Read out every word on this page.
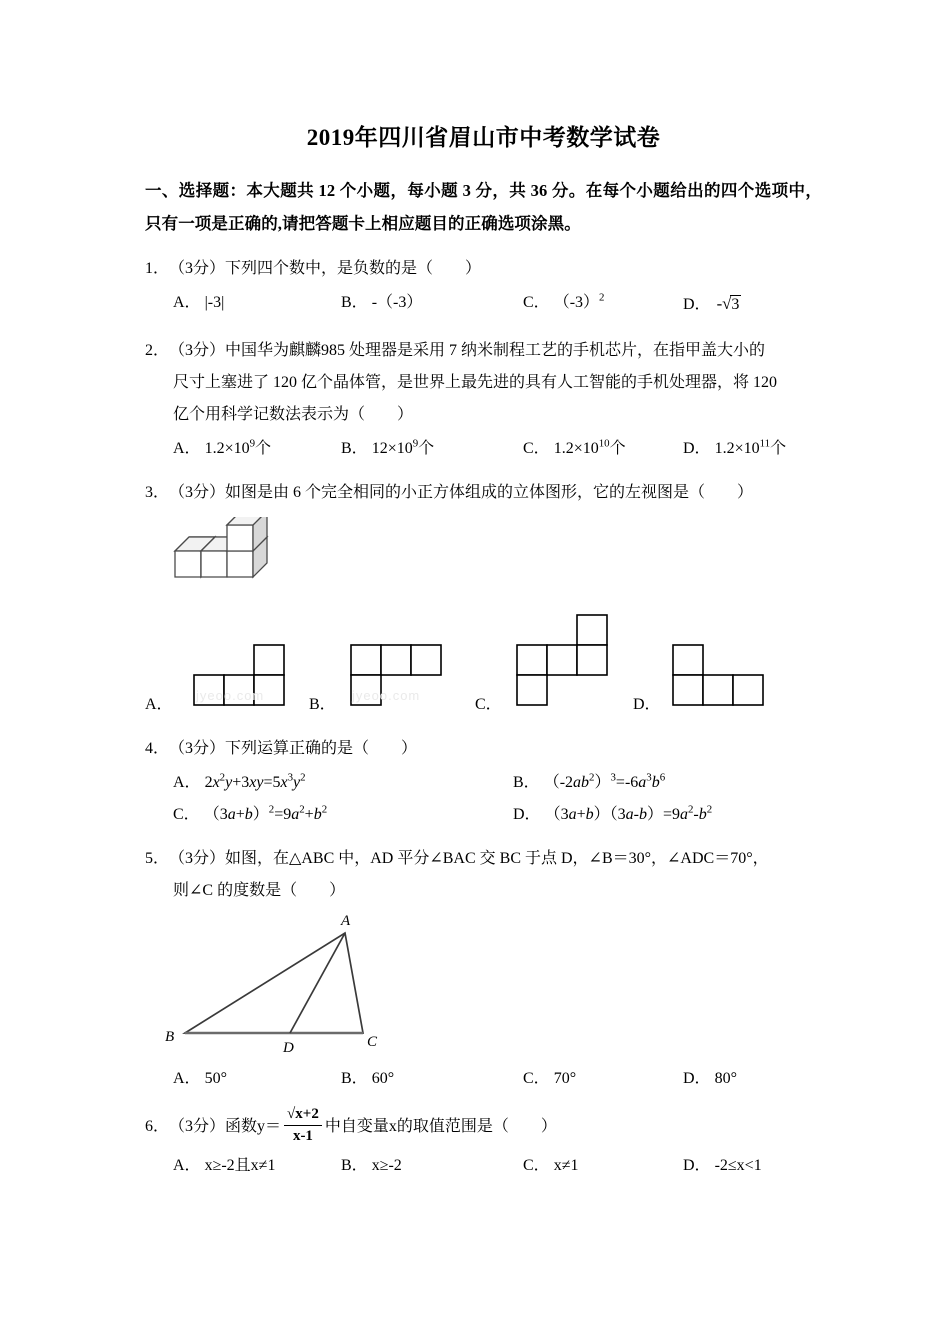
2019年四川省眉山市中考数学试卷
一、选择题：本大题共 12 个小题，每小题 3 分，共 36 分。在每个小题给出的四个选项中，只有一项是正确的,请把答题卡上相应题目的正确选项涂黑。
1．（3分）下列四个数中，是负数的是（　　）
A． |-3|	B． -（-3）	C． $(-3)^2$	D． -√3
2．（3分）中国华为麒麟985 处理器是采用 7 纳米制程工艺的手机芯片，在指甲盖大小的
尺寸上塞进了 120 亿个晶体管，是世界上最先进的具有人工智能的手机处理器，将 120
亿个用科学记数法表示为（　　）
A． $1.2\times 10^9$个	B． $12\times 10^9$个	C． $1.2\times 10^{10}$个	D． $1.2\times 10^{11}$个
3．（3分）如图是由 6 个完全相同的小正方体组成的立体图形，它的左视图是（　　）
A．	B．	C．	D．
4．（3分）下列运算正确的是（　　）
A． $2x^2y+3xy=5x^3y^2$	B． $(-2ab^2)^3=-6a^3b^6$
C． $(3a+b)^2=9a^2+b^2$	D． $(3a+b)(3a-b)=9a^2-b^2$
5．（3分）如图，在△ABC 中，AD 平分∠BAC 交 BC 于点 D，∠B＝30°，∠ADC＝70°，
则∠C 的度数是（　　）
A
B
D	C
A． 50°	B． 60°	C． 70°	D． 80°
6．（3分）函数$y= \frac{√x+2}{x-1}$ 中自变量x的取值范围是（　　）
A． x≥-2且x≠1	B． x≥-2	C． x≠1	D． -2≤x<1
jyeoo.com	jyeoo.com
